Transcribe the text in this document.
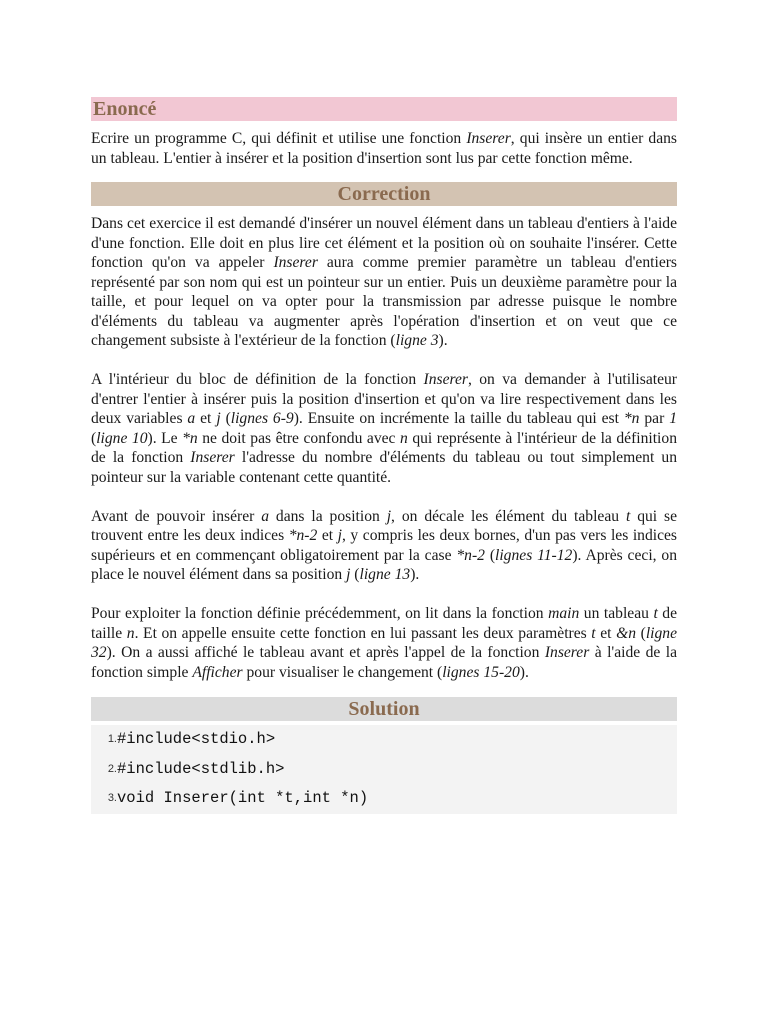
Enoncé

Ecrire un programme C, qui définit et utilise une fonction Inserer, qui insère un entier dans un tableau. L'entier à insérer et la position d'insertion sont lus par cette fonction même.

Correction

Dans cet exercice il est demandé d'insérer un nouvel élément dans un tableau d'entiers à l'aide d'une fonction. Elle doit en plus lire cet élément et la position où on souhaite l'insérer. Cette fonction qu'on va appeler Inserer aura comme premier paramètre un tableau d'entiers représenté par son nom qui est un pointeur sur un entier. Puis un deuxième paramètre pour la taille, et pour lequel on va opter pour la transmission par adresse puisque le nombre d'éléments du tableau va augmenter après l'opération d'insertion et on veut que ce changement subsiste à l'extérieur de la fonction (ligne 3).

A l'intérieur du bloc de définition de la fonction Inserer, on va demander à l'utilisateur d'entrer l'entier à insérer puis la position d'insertion et qu'on va lire respectivement dans les deux variables a et j (lignes 6-9). Ensuite on incrémente la taille du tableau qui est *n par 1 (ligne 10). Le *n ne doit pas être confondu avec n qui représente à l'intérieur de la définition de la fonction Inserer l'adresse du nombre d'éléments du tableau ou tout simplement un pointeur sur la variable contenant cette quantité.

Avant de pouvoir insérer a dans la position j, on décale les élément du tableau t qui se trouvent entre les deux indices *n-2 et j, y compris les deux bornes, d'un pas vers les indices supérieurs et en commençant obligatoirement par la case *n-2 (lignes 11-12). Après ceci, on place le nouvel élément dans sa position j (ligne 13).

Pour exploiter la fonction définie précédemment, on lit dans la fonction main un tableau t de taille n. Et on appelle ensuite cette fonction en lui passant les deux paramètres t et &n (ligne 32). On a aussi affiché le tableau avant et après l'appel de la fonction Inserer à l'aide de la fonction simple Afficher pour visualiser le changement (lignes 15-20).

Solution
1. #include<stdio.h>
2. #include<stdlib.h>
3. void Inserer(int *t,int *n)
